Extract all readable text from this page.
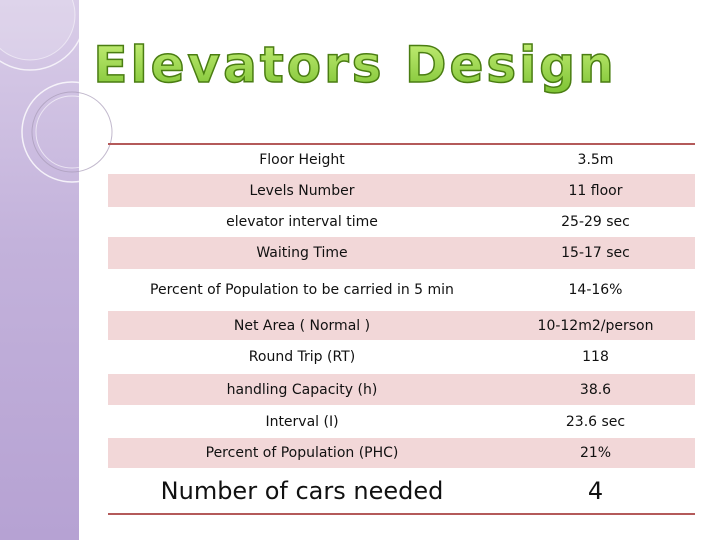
Elevators Design
Floor Height	3.5m
Levels Number	11 floor
elevator interval time	25-29 sec
Waiting Time	15-17 sec
Percent of Population to be carried in 5 min	14-16%
Net Area ( Normal )	10-12m2/person
Round Trip (RT)	118
handling Capacity (h)	38.6
Interval (I)	23.6 sec
Percent of Population (PHC)	21%
Number of cars needed	4
